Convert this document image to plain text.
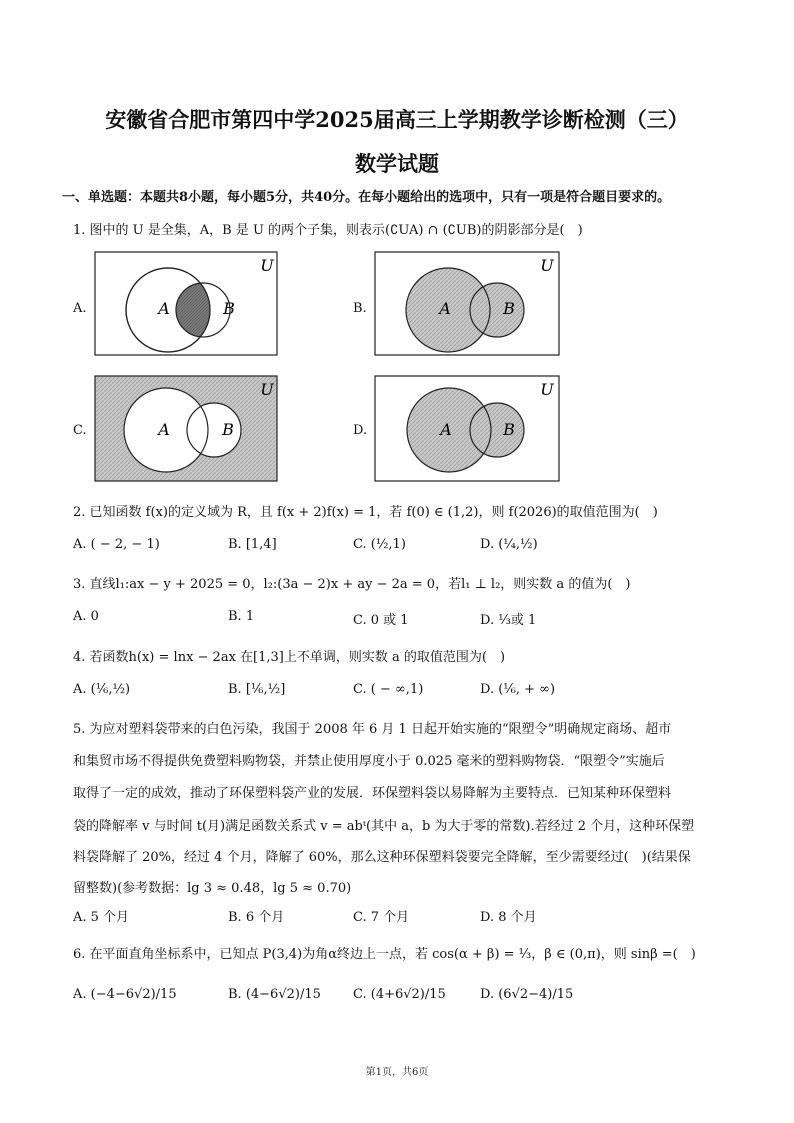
安徽省合肥市第四中学2025届高三上学期教学诊断检测（三）
数学试题
一、单选题：本题共8小题，每小题5分，共40分。在每小题给出的选项中，只有一项是符合题目要求的。
1. 图中的 U 是全集，A，B 是 U 的两个子集，则表示(∁UA) ∩ (∁UB)的阴影部分是(　)
U
A	B
U
A	B
U
A	B
U
A	B
A.	B.
C.	D.
2. 已知函数 f(x)的定义域为 R，且 f(x + 2)f(x) = 1，若 f(0) ∈ (1,2)，则 f(2026)的取值范围为(　)
A. ( − 2, − 1)	B. [1,4]	C. (½,1)	D. (¼,½)
3. 直线l₁:ax − y + 2025 = 0，l₂:(3a − 2)x + ay − 2a = 0，若l₁ ⊥ l₂，则实数 a 的值为(　)
A. 0	B. 1	C. 0 或 1	D. ⅓或 1
4. 若函数h(x) = lnx − 2ax 在[1,3]上不单调，则实数 a 的取值范围为(　)
A. (⅙,½)	B. [⅙,½]	C. ( − ∞,1)	D. (⅙, + ∞)
5. 为应对塑料袋带来的白色污染，我国于 2008 年 6 月 1 日起开始实施的“限塑令”明确规定商场、超市
和集贸市场不得提供免费塑料购物袋，并禁止使用厚度小于 0.025 毫米的塑料购物袋．“限塑令”实施后
取得了一定的成效，推动了环保塑料袋产业的发展．环保塑料袋以易降解为主要特点．已知某种环保塑料
袋的降解率 v 与时间 t(月)满足函数关系式 v = abᵗ(其中 a，b 为大于零的常数).若经过 2 个月，这种环保塑
料袋降解了 20%，经过 4 个月，降解了 60%，那么这种环保塑料袋要完全降解，至少需要经过(　)(结果保
留整数)(参考数据：lg 3 ≈ 0.48，lg 5 ≈ 0.70)
A. 5 个月	B. 6 个月	C. 7 个月	D. 8 个月
6. 在平面直角坐标系中，已知点 P(3,4)为角α终边上一点，若 cos(α + β) = ⅓，β ∈ (0,π)，则 sinβ =(　)
A. (−4−6√2)/15	B. (4−6√2)/15 C. (4+6√2)/15	D. (6√2−4)/15
第1页，共6页
